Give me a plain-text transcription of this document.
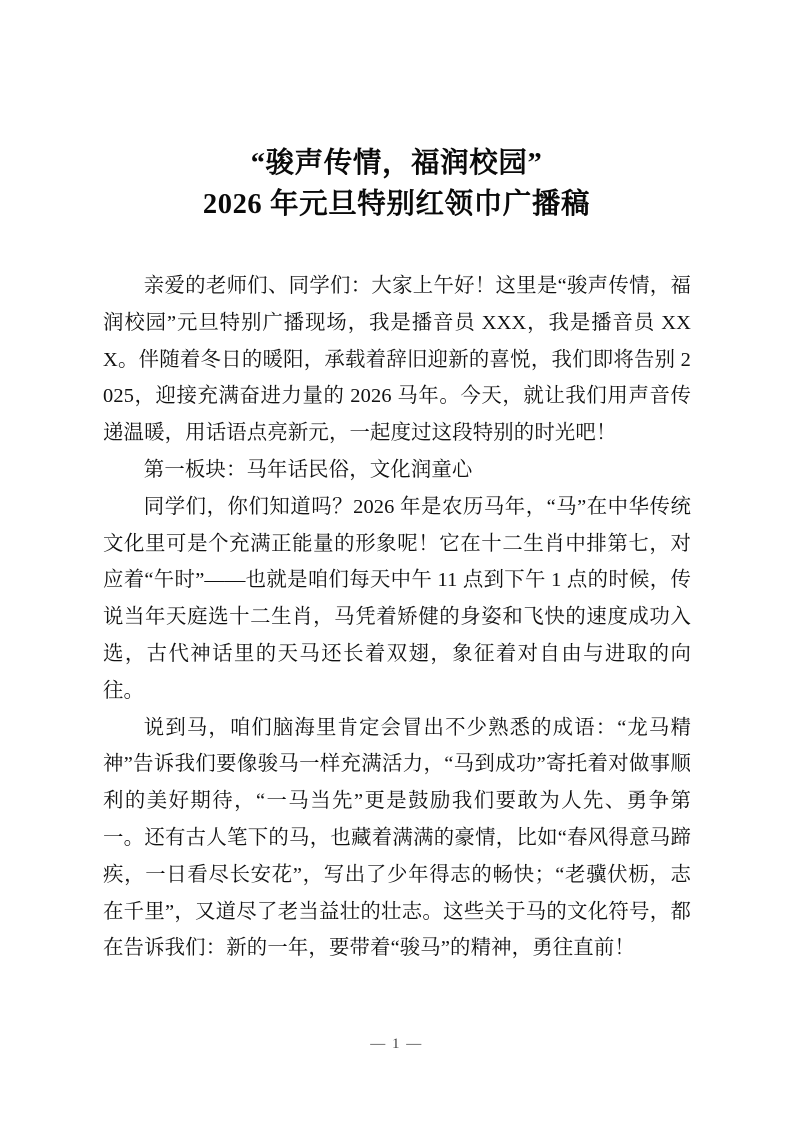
“骏声传情，福润校园”
2026 年元旦特别红领巾广播稿

亲爱的老师们、同学们：大家上午好！这里是“骏声传情，福润校园”元旦特别广播现场，我是播音员 XXX，我是播音员 XXX。伴随着冬日的暖阳，承载着辞旧迎新的喜悦，我们即将告别 2025，迎接充满奋进力量的 2026 马年。今天，就让我们用声音传递温暖，用话语点亮新元，一起度过这段特别的时光吧！

第一板块：马年话民俗，文化润童心

同学们，你们知道吗？2026 年是农历马年，“马”在中华传统文化里可是个充满正能量的形象呢！它在十二生肖中排第七，对应着“午时”——也就是咱们每天中午 11 点到下午 1 点的时候，传说当年天庭选十二生肖，马凭着矫健的身姿和飞快的速度成功入选，古代神话里的天马还长着双翅，象征着对自由与进取的向往。

说到马，咱们脑海里肯定会冒出不少熟悉的成语：“龙马精神”告诉我们要像骏马一样充满活力，“马到成功”寄托着对做事顺利的美好期待，“一马当先”更是鼓励我们要敢为人先、勇争第一。还有古人笔下的马，也藏着满满的豪情，比如“春风得意马蹄疾，一日看尽长安花”，写出了少年得志的畅快；“老骥伏枥，志在千里”，又道尽了老当益壮的壮志。这些关于马的文化符号，都在告诉我们：新的一年，要带着“骏马”的精神，勇往直前！

— 1 —
